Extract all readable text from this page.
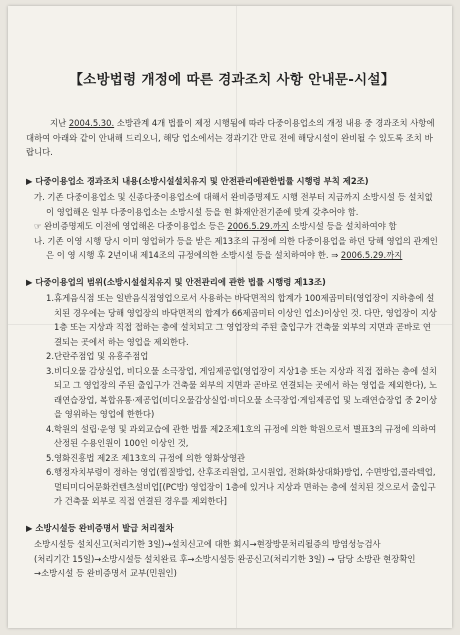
【소방법령 개정에 따른 경과조치 사항 안내문-시설】

지난 2004.5.30. 소방관계 4개 법률이 제정 시행됨에 따라 다중이용업소의 개정 내용 중 경과조치 사항에 대하여 아래와 같이 안내해 드리오니, 해당 업소에서는 경과기간 만료 전에 해당시설이 완비될 수 있도록 조치 바랍니다.

▶ 다중이용업소 경과조치 내용(소방시설설치유지 및 안전관리에관한법률 시행령 부칙 제2조)

가. 기존 다중이용업소 및 신종다중이용업소에 대해서 완비증명제도 시행 전부터 지금까지 소방시설 등 설치없이 영업해온 일부 다중이용업소는 소방시설 등을 현 화재안전기준에 맞게 갖추어야 함.

☞ 완비증명제도 이전에 영업해온 다중이용업소 등은 2006.5.29.까지 소방시설 등을 설치하여야 함

나. 기존 이영 시행 당시 이미 영업허가 등을 받은 제13조의 규정에 의한 다중이용업을 하던 당해 영업의 관계인은 이 영 시행 후 2년이내 제14조의 규정에의한 소방시설 등을 설치하여야 한. ⇒ 2006.5.29.까지

▶ 다중이용업의 범위(소방시설설치유지 및 안전관리에 관한 법률 시행령 제13조)

1.휴게음식점 또는 일반음식점영업으로서 사용하는 바닥면적의 합계가 100제곱미터(영업장이 지하층에 설치된 경우에는 당해 영업장의 바닥면적의 합계가 66제곱미터 이상인 업소)이상인 것. 다만, 영업장이 지상1층 또는 지상과 직접 접하는 층에 설치되고 그 영업장의 주된 출입구가 건축물 외부의 지면과 곧바로 연결되는 곳에서 하는 영업을 제외한다.

2.단란주점업 및 유흥주점업

3.비디오물 감상실업, 비디오물 소극장업, 게임제공업(영업장이 지상1층 또는 지상과 직접 접하는 층에 설치되고 그 영업장의 주된 출입구가 건축물 외부의 지면과 곧바로 연결되는 곳에서 하는 영업을 제외한다), 노래연습장업, 복합유통·제공업(비디오물감상실업·비디오물 소극장업·게임제공업 및 노래연습장업 중 2이상을 영위하는 영업에 한한다)

4.학원의 설립·운영 및 과외교습에 관한 법률 제2조제1호의 규정에 의한 학원으로서 별표3의 규정에 의하여 산정된 수용인원이 100인 이상인 것,

5.영화진흥법 제2조 제13호의 규정에 의한 영화상영관

6.행정자치부령이 정하는 영업(찜질방업, 산후조리원업, 고시원업, 전화(화상대화)방업, 수면방업,콜라텍업, 멀티미디어문화컨텐츠설비업[(PC방) 영업장이 1층에 있거나 지상과 면하는 층에 설치된 것으로서 출입구가 건축물 외부로 직접 연결된 경우를 제외한다]

▶ 소방시설등 완비증명서 발급 처리절차

소방시설등 설치신고(처리기한 3일)→설치신고에 대한 회시→현장방문처리될증의 방염성능검사

(처리기간 15일)→소방시설등 설치완료 후→소방시설등 완공신고(처리기한 3일) → 담당 소방관 현장확인

→소방시설 등 완비증명서 교부(민원인)
